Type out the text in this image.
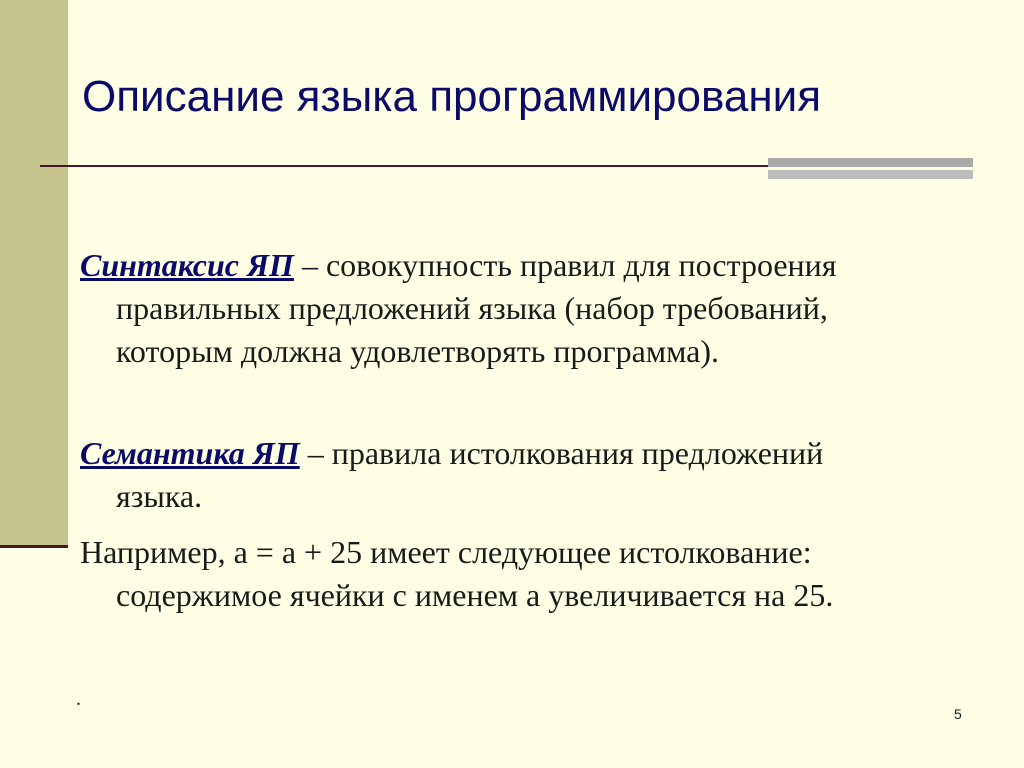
Описание языка программирования

Синтаксис ЯП – совокупность правил для построения
правильных предложений языка (набор требований,
которым должна удовлетворять программа).

Семантика ЯП – правила истолкования предложений
языка.

Например, a = a + 25 имеет следующее истолкование:
содержимое ячейки с именем a увеличивается на 25.

.
5
